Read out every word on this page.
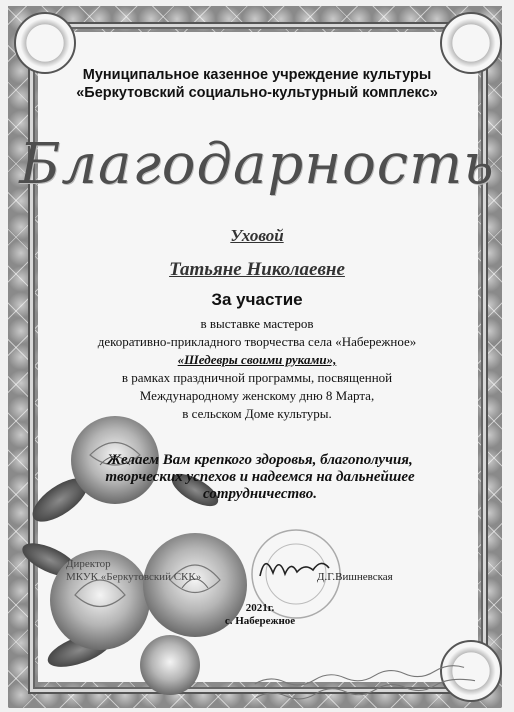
Муниципальное казенное учреждение культуры
«Беркутовский социально-культурный комплекс»
Благодарность
Уховой
Татьяне Николаевне
За участие
в выставке мастеров
декоративно-прикладного творчества села «Набережное»
«Шедевры своими руками»,
в рамках праздничной программы, посвященной
Международному женскому дню 8 Марта,
в сельском Доме культуры.
Желаем Вам крепкого здоровья, благополучия,
творческих успехов и надеемся на дальнейшее
сотрудничество.
Директор
МКУК «Беркутовский СКК»	Д.Г.Вишневская
2021г.
с. Набережное
